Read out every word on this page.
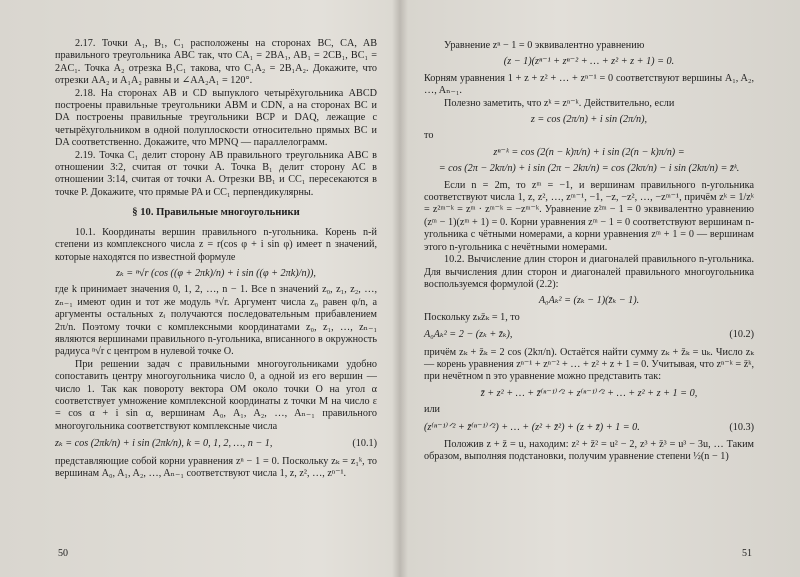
2.17. Точки A₁, B₁, C₁ расположены на сторонах BC, CA, AB правильного треугольника ABC так, что CA₁ = 2BA₁, AB₁ = 2CB₁, BC₁ = 2AC₁. Точка A₂ отрезка B₁C₁ такова, что C₁A₂ = 2B₁A₂. Докажите, что отрезки AA₂ и A₁A₂ равны и ∠AA₂A₁ = 120°.

2.18. На сторонах AB и CD выпуклого четырёхугольника ABCD построены правильные треугольники ABM и CDN, а на сторонах BC и DA построены правильные треугольники BCP и DAQ, лежащие с четырёхугольником в одной полуплоскости относительно прямых BC и DA соответственно. Докажите, что MPNQ — параллелограмм.

2.19. Точка C₁ делит сторону AB правильного треугольника ABC в отношении 3:2, считая от точки A. Точка B₁ делит сторону AC в отношении 3:14, считая от точки A. Отрезки BB₁ и CC₁ пересекаются в точке P. Докажите, что прямые PA и CC₁ перпендикулярны.

§ 10. Правильные многоугольники

10.1. Координаты вершин правильного n-угольника. Корень n-й степени из комплексного числа z = r(cos φ + i sin φ) имеет n значений, которые находятся по известной формуле

zₖ = ⁿ√r (cos ((φ + 2πk)/n) + i sin ((φ + 2πk)/n)),

где k принимает значения 0, 1, 2, …, n − 1. Все n значений z₀, z₁, z₂, …, zₙ₋₁ имеют один и тот же модуль ⁿ√r. Аргумент числа z₀ равен φ/n, а аргументы остальных zᵢ получаются последовательным прибавлением 2π/n. Поэтому точки с комплексными координатами z₀, z₁, …, zₙ₋₁ являются вершинами правильного n-угольника, вписанного в окружность радиуса ⁿ√r с центром в нулевой точке O.

При решении задач с правильными многоугольниками удобно сопоставить центру многоугольника число 0, а одной из его вершин — число 1. Так как повороту вектора OM около точки O на угол α соответствует умножение комплексной координаты z точки M на число ε = cos α + i sin α, вершинам A₀, A₁, A₂, …, Aₙ₋₁ правильного многоугольника соответствуют комплексные числа

zₖ = cos (2πk/n) + i sin (2πk/n), k = 0, 1, 2, …, n − 1,	(10.1)

представляющие собой корни уравнения zⁿ − 1 = 0. Поскольку zₖ = z₁ᵏ, то вершинам A₀, A₁, A₂, …, Aₙ₋₁ соответствуют числа 1, z, z², …, zⁿ⁻¹.

50

Уравнение zⁿ − 1 = 0 эквивалентно уравнению

(z − 1)(zⁿ⁻¹ + zⁿ⁻² + … + z² + z + 1) = 0.

Корням уравнения 1 + z + z² + … + zⁿ⁻¹ = 0 соответствуют вершины A₁, A₂, …, Aₙ₋₁.

Полезно заметить, что zᵏ = zⁿ⁻ᵏ. Действительно, если

z = cos (2π/n) + i sin (2π/n),

то

zⁿ⁻ᵏ = cos (2(n − k)π/n) + i sin (2(n − k)π/n) =
= cos (2π − 2kπ/n) + i sin (2π − 2kπ/n) = cos (2kπ/n) − i sin (2kπ/n) = z̄ᵏ.

Если n = 2m, то zᵐ = −1, и вершинам правильного n-угольника соответствуют числа 1, z, z², …, zᵐ⁻¹, −1, −z, −z², …, −zᵐ⁻¹, причём zᵏ = 1/zᵏ = z²ᵐ⁻ᵏ = zᵐ · zᵐ⁻ᵏ = −zᵐ⁻ᵏ. Уравнение z²ᵐ − 1 = 0 эквивалентно уравнению (zᵐ − 1)(zᵐ + 1) = 0. Корни уравнения zᵐ − 1 = 0 соответствуют вершинам n-угольника с чётными номерами, а корни уравнения zᵐ + 1 = 0 — вершинам этого n-угольника с нечётными номерами.

10.2. Вычисление длин сторон и диагоналей правильного n-угольника. Для вычисления длин сторон и диагоналей правильного многоугольника воспользуемся формулой (2.2):

A₀Aₖ² = (zₖ − 1)(z̄ₖ − 1).

Поскольку zₖz̄ₖ = 1, то

A₀Aₖ² = 2 − (zₖ + z̄ₖ),	(10.2)

причём zₖ + z̄ₖ = 2 cos (2kπ/n). Остаётся найти сумму zₖ + z̄ₖ = uₖ. Число zₖ — корень уравнения zⁿ⁻¹ + zⁿ⁻² + … + z² + z + 1 = 0. Учитывая, что zⁿ⁻ᵏ = z̄ᵏ, при нечётном n это уравнение можно представить так:

z̄ + z² + … + z̄⁽ⁿ⁻¹⁾ᐟ² + z⁽ⁿ⁻¹⁾ᐟ² + … + z² + z + 1 = 0,

или

(z⁽ⁿ⁻¹⁾ᐟ² + z̄⁽ⁿ⁻¹⁾ᐟ²) + … + (z² + z̄²) + (z + z̄) + 1 = 0.	(10.3)

Положив z + z̄ = u, находим: z² + z̄² = u² − 2, z³ + z̄³ = u³ − 3u, … Таким образом, выполняя подстановки, получим уравнение степени ½(n − 1)

51
